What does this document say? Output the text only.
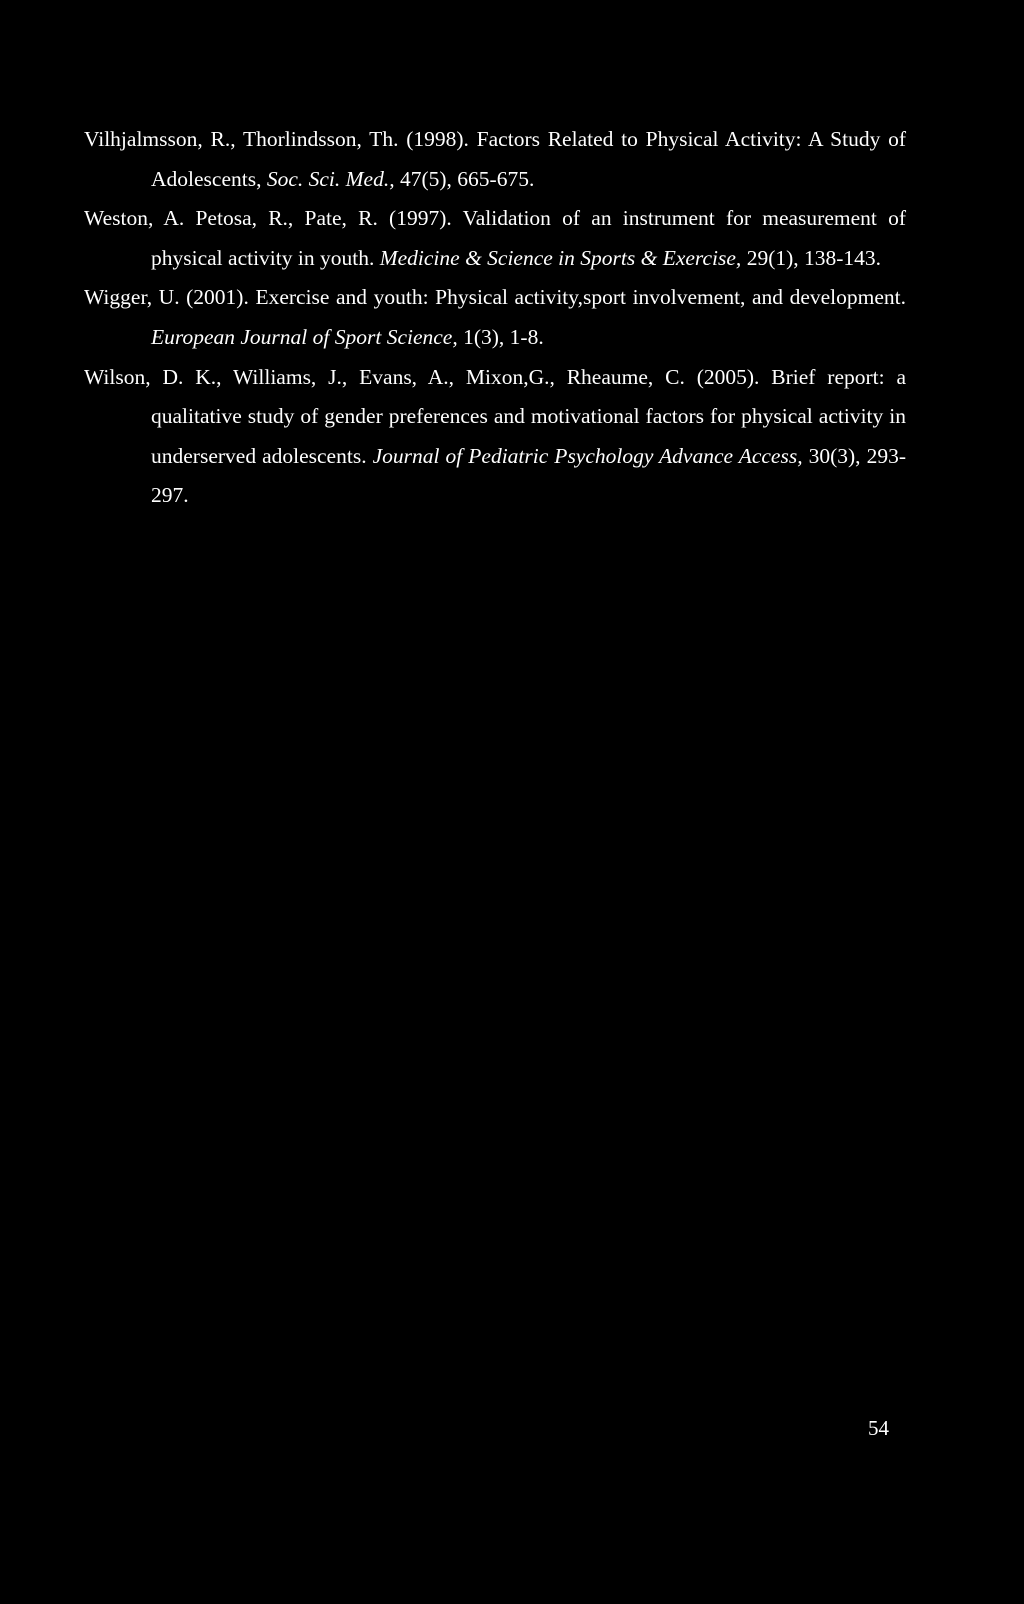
Vilhjalmsson, R., Thorlindsson, Th. (1998). Factors Related to Physical Activity: A Study of Adolescents, Soc. Sci. Med., 47(5), 665-675.

Weston, A. Petosa, R., Pate, R. (1997). Validation of an instrument for measurement of physical activity in youth. Medicine & Science in Sports & Exercise, 29(1), 138-143.

Wigger, U. (2001). Exercise and youth: Physical activity,sport involvement, and development. European Journal of Sport Science, 1(3), 1-8.

Wilson, D. K., Williams, J., Evans, A., Mixon,G., Rheaume, C. (2005). Brief report: a qualitative study of gender preferences and motivational factors for physical activity in underserved adolescents. Journal of Pediatric Psychology Advance Access, 30(3), 293-297.

54
